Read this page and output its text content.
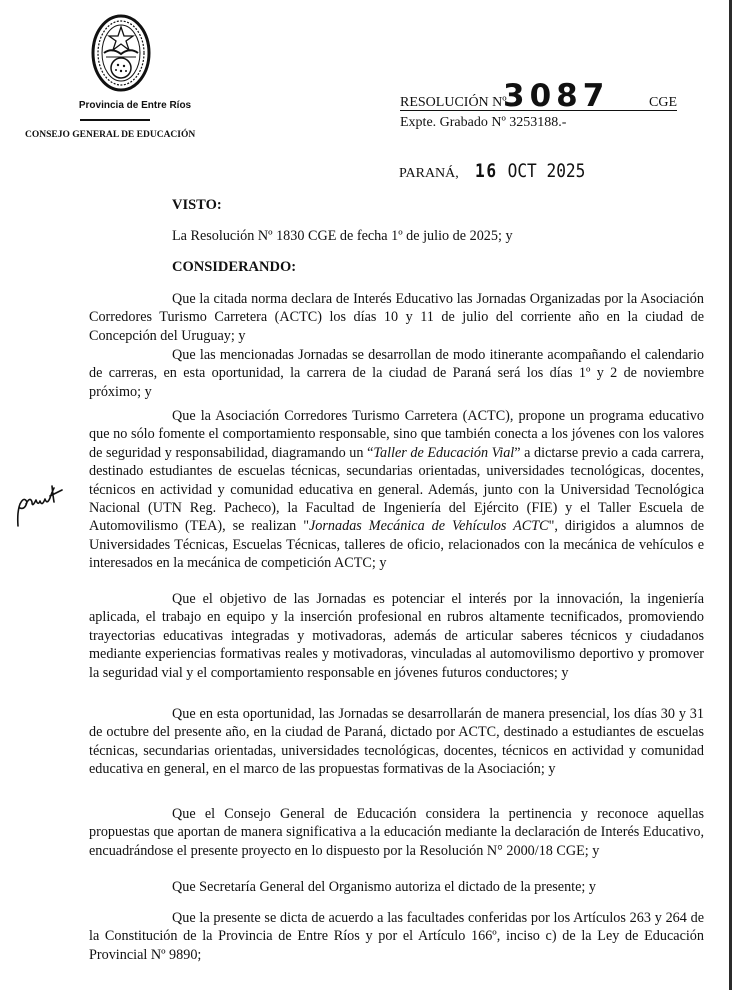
Provincia de Entre Ríos
CONSEJO GENERAL DE EDUCACIÓN
RESOLUCIÓN Nº
3087	CGE
Expte. Grabado Nº 3253188.-
PARANÁ, 16 OCT 2025
VISTO:
La Resolución Nº 1830 CGE de fecha 1º de julio de 2025; y
CONSIDERANDO:
Que la citada norma declara de Interés Educativo las Jornadas Organizadas por la Asociación Corredores Turismo Carretera (ACTC) los días 10 y 11 de julio del corriente año en la ciudad de Concepción del Uruguay; y
Que las mencionadas Jornadas se desarrollan de modo itinerante acompañando el calendario de carreras, en esta oportunidad, la carrera de la ciudad de Paraná será los días 1º y 2 de noviembre próximo; y
Que la Asociación Corredores Turismo Carretera (ACTC), propone un programa educativo que no sólo fomente el comportamiento responsable, sino que también conecta a los jóvenes con los valores de seguridad y responsabilidad, diagramando un “Taller de Educación Vial” a dictarse previo a cada carrera, destinado estudiantes de escuelas técnicas, secundarias orientadas, universidades tecnológicas, docentes, técnicos en actividad y comunidad educativa en general. Además, junto con la Universidad Tecnológica Nacional (UTN Reg. Pacheco), la Facultad de Ingeniería del Ejército (FIE) y el Taller Escuela de Automovilismo (TEA), se realizan "Jornadas Mecánica de Vehículos ACTC", dirigidos a alumnos de Universidades Técnicas, Escuelas Técnicas, talleres de oficio, relacionados con la mecánica de vehículos e interesados en la mecánica de competición ACTC; y
Que el objetivo de las Jornadas es potenciar el interés por la innovación, la ingeniería aplicada, el trabajo en equipo y la inserción profesional en rubros altamente tecnificados, promoviendo trayectorias educativas integradas y motivadoras, además de articular saberes técnicos y ciudadanos mediante experiencias formativas reales y motivadoras, vinculadas al automovilismo deportivo y promover la seguridad vial y el comportamiento responsable en jóvenes futuros conductores; y
Que en esta oportunidad, las Jornadas se desarrollarán de manera presencial, los días 30 y 31 de octubre del presente año, en la ciudad de Paraná, dictado por ACTC, destinado a estudiantes de escuelas técnicas, secundarias orientadas, universidades tecnológicas, docentes, técnicos en actividad y comunidad educativa en general, en el marco de las propuestas formativas de la Asociación; y
Que el Consejo General de Educación considera la pertinencia y reconoce aquellas propuestas que aportan de manera significativa a la educación mediante la declaración de Interés Educativo, encuadrándose el presente proyecto en lo dispuesto por la Resolución N° 2000/18 CGE; y
Que Secretaría General del Organismo autoriza el dictado de la presente; y
Que la presente se dicta de acuerdo a las facultades conferidas por los Artículos 263 y 264 de la Constitución de la Provincia de Entre Ríos y por el Artículo 166º, inciso c) de la Ley de Educación Provincial Nº 9890;
